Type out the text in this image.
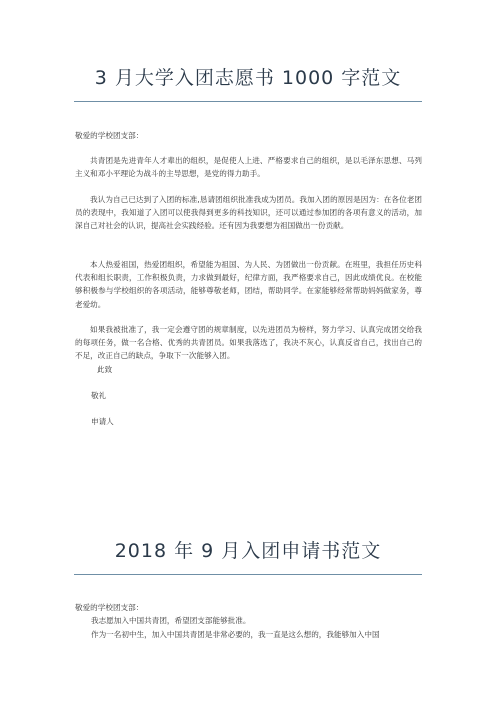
3 月大学入团志愿书 1000 字范文
敬爱的学校团支部：

共青团是先进青年人才辈出的组织，是促使人上进、严格要求自己的组织，是以毛泽东思想、马列主义和邓小平理论为战斗的主导思想，是党的得力助手。

我认为自己已达到了入团的标准,恳请团组织批准我成为团员。我加入团的原因是因为：在各位老团员的表现中，我知道了入团可以使我得到更多的科技知识，还可以通过参加团的各项有意义的活动，加深自己对社会的认识，提高社会实践经验。还有因为我要想为祖国做出一份贡献。

本人热爱祖国，热爱团组织，希望能为祖国、为人民、为团做出一份贡献。在班里，我担任历史科代表和组长职责，工作积极负责，力求做到最好，纪律方面，我严格要求自己，因此成绩优良。在校能够积极参与学校组织的各项活动，能够尊敬老师，团结，帮助同学。在家能够经常帮助妈妈做家务，尊老爱幼。

如果我被批准了，我一定会遵守团的规章制度，以先进团员为榜样，努力学习、认真完成团交给我的每项任务，做一名合格、优秀的共青团员。如果我落选了，我决不灰心，认真反省自己，找出自己的不足，改正自己的缺点，争取下一次能够入团。

此致
敬礼
申请人
2018 年 9 月入团申请书范文
敬爱的学校团支部：
我志愿加入中国共青团，希望团支部能够批准。
作为一名初中生，加入中国共青团是非常必要的，我一直是这么想的，我能够加入中国
